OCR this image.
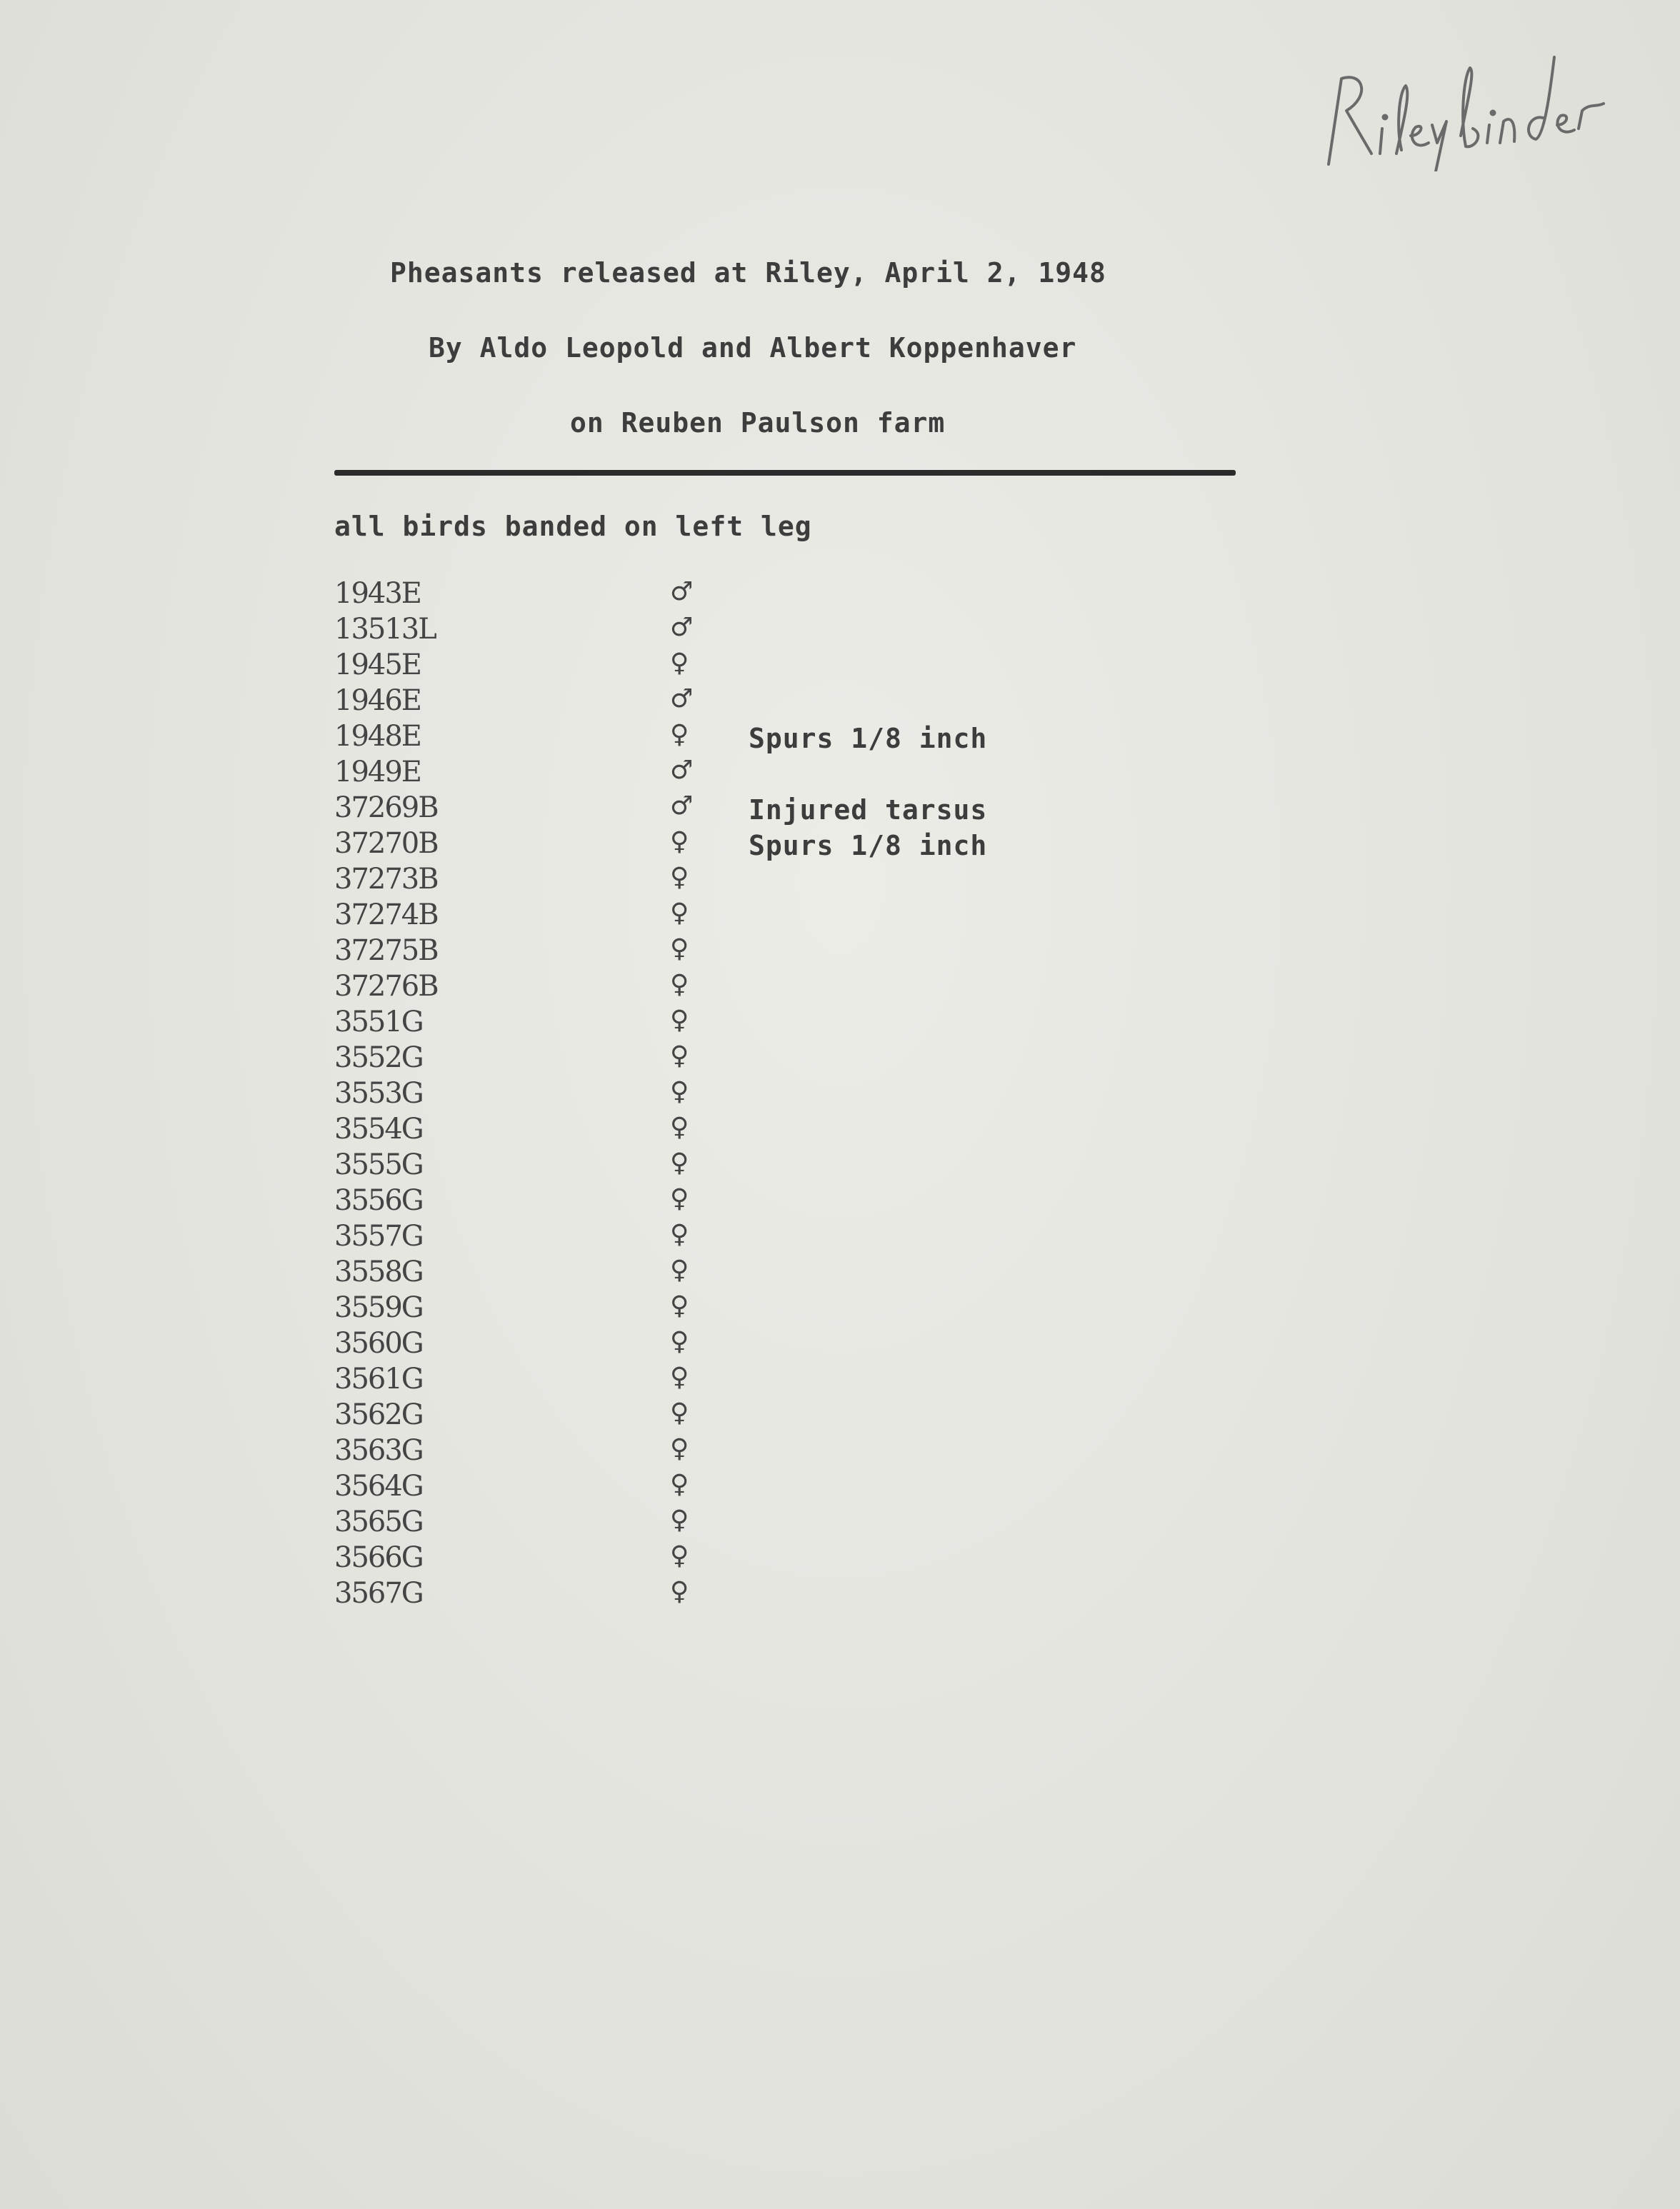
Pheasants released at Riley, April 2, 1948
By Aldo Leopold and Albert Koppenhaver
on Reuben Paulson farm
all birds banded on left leg
1943E	♂
13513L	♂
1945E	♀
1946E	♂
1948E	♀ Spurs 1/8 inch
1949E	♂
37269B	♂ Injured tarsus
37270B	♀ Spurs 1/8 inch
37273B	♀
37274B	♀
37275B	♀
37276B	♀
3551G	♀
3552G	♀
3553G	♀
3554G	♀
3555G	♀
3556G	♀
3557G	♀
3558G	♀
3559G	♀
3560G	♀
3561G	♀
3562G	♀
3563G	♀
3564G	♀
3565G	♀
3566G	♀
3567G	♀
